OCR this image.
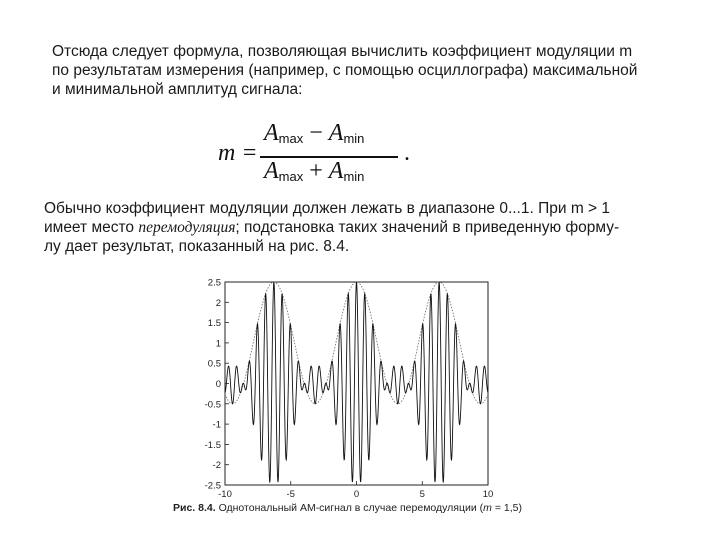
Отсюда следует формула, позволяющая вычислить коэффициент модуляции m
по результатам измерения (например, с помощью осциллографа) максимальной
и минимальной амплитуд сигнала:
m =
$A_{max} - A_{min}$
$A_{max} + A_{min}$
.
Обычно коэффициент модуляции должен лежать в диапазоне 0...1. При m > 1
имеет место перемодуляция; подстановка таких значений в приведенную форму-
лу дает результат, показанный на рис. 8.4.
2.5
2
1.5
1
0.5
0
-0.5
-1
-1.5
-2
-2.5
-10	-5	0	5	10
Рис. 8.4. Однотональный АМ-сигнал в случае перемодуляции (m = 1,5)
